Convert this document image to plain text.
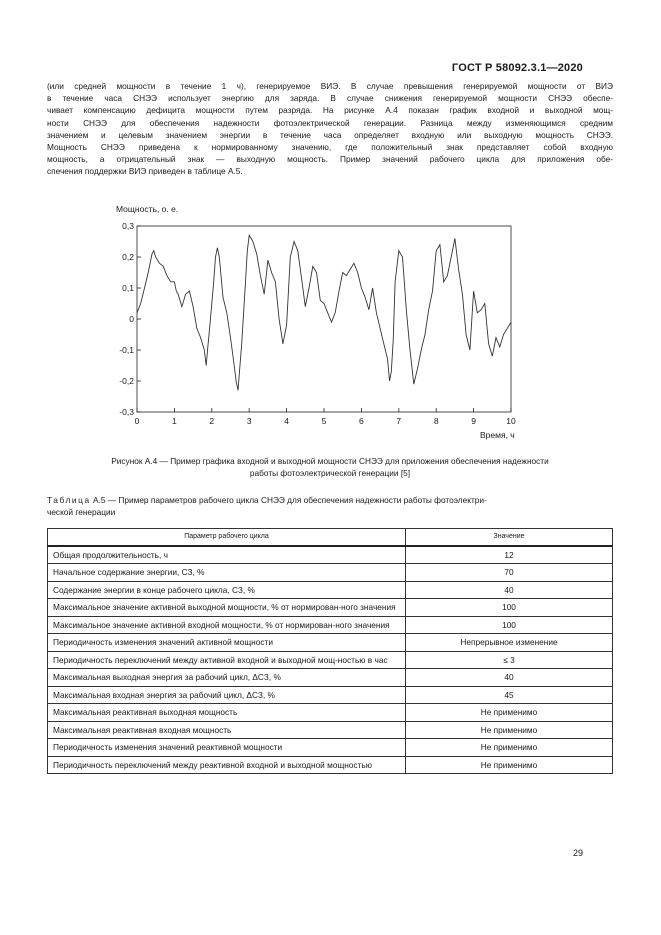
ГОСТ Р 58092.3.1—2020
(или средней мощности в течение 1 ч), генерируемое ВИЭ. В случае превышения генерируемой мощности от ВИЭ
в течение часа СНЭЭ использует энергию для заряда. В случае снижения генерируемой мощности СНЭЭ обеспе-
чивает компенсацию дефицита мощности путем разряда. На рисунке А.4 показан график входной и выходной мощ-
ности СНЭЭ для обеспечения надежности фотоэлектрической генерации. Разница между изменяющимся средним
значением и целевым значением энергии в течение часа определяет входную или выходную мощность СНЭЭ.
Мощность СНЭЭ приведена к нормированному значению, где положительный знак представляет собой входную
мощность, а отрицательный знак — выходную мощность. Пример значений рабочего цикла для приложения обе-
спечения поддержки ВИЭ приведен в таблице А.5.
Мощность, о. е.
0,3
0,2
0,1
0
-0,1
-0,2
-0,3
0	1	2	3	4	5	6	7	8	9	10
Время, ч
Рисунок А.4 — Пример графика входной и выходной мощности СНЭЭ для приложения обеспечения надежности
работы фотоэлектрической генерации [5]
Таблица А.5 — Пример параметров рабочего цикла СНЭЭ для обеспечения надежности работы фотоэлектри-
ческой генерации
Параметр рабочего цикла	Значение
Общая продолжительность, ч	12
Начальное содержание энергии, СЗ, %	70
Содержание энергии в конце рабочего цикла, СЗ, %	40
Максимальное значение активной выходной мощности, % от нормирован-ного значения	100
Максимальное значение активной входной мощности, % от нормирован-ного значения	100
Периодичность изменения значений активной мощности	Непрерывное изменение
Периодичность переключений между активной входной и выходной мощ-ностью в час	≤ 3
Максимальная выходная энергия за рабочий цикл, ΔСЗ, %	40
Максимальная входная энергия за рабочий цикл, ΔСЗ, %	45
Максимальная реактивная выходная мощность	Не применимо
Максимальная реактивная входная мощность	Не применимо
Периодичность изменения значений реактивной мощности	Не применимо
Периодичность переключений между реактивной входной и выходной мощностью	Не применимо
29
